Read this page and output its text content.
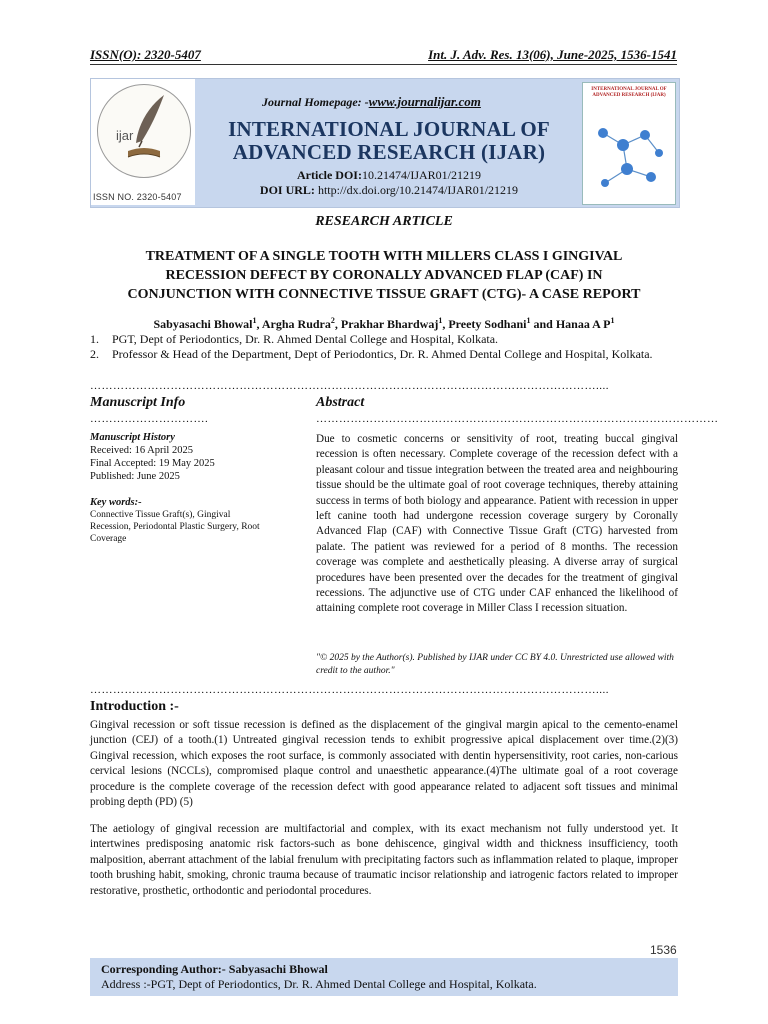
ISSN(O): 2320-5407	Int. J. Adv. Res. 13(06), June-2025, 1536-1541
ijar
ISSN NO. 2320-5407
Journal Homepage: -www.journalijar.com
INTERNATIONAL JOURNAL OF
ADVANCED RESEARCH (IJAR)
Article DOI:10.21474/IJAR01/21219
DOI URL: http://dx.doi.org/10.21474/IJAR01/21219
INTERNATIONAL JOURNAL OF ADVANCED RESEARCH (IJAR)
RESEARCH ARTICLE
TREATMENT OF A SINGLE TOOTH WITH MILLERS CLASS I GINGIVAL
RECESSION DEFECT BY CORONALLY ADVANCED FLAP (CAF) IN
CONJUNCTION WITH CONNECTIVE TISSUE GRAFT (CTG)- A CASE REPORT
Sabyasachi Bhowal$^1$, Argha Rudra$^2$, Prakhar Bhardwaj$^1$, Preety Sodhani$^1$ and Hanaa A $P^1$
1. PGT, Dept of Periodontics, Dr. R. Ahmed Dental College and Hospital, Kolkata.
2. Professor & Head of the Department, Dept of Periodontics, Dr. R. Ahmed Dental College and Hospital, Kolkata.
……………………………………………………………………………………………………………………....
Manuscript Info	Abstract
………………………….	……………………………………………………………………………………………
Manuscript History
Received: 16 April 2025
Final Accepted: 19 May 2025
Published: June 2025
Key words:-
Connective Tissue Graft(s), Gingival Recession, Periodontal Plastic Surgery, Root Coverage
Due to cosmetic concerns or sensitivity of root, treating buccal gingival recession is often necessary. Complete coverage of the recession defect with a pleasant colour and tissue integration between the treated area and neighbouring tissue should be the ultimate goal of root coverage techniques, thereby attaining success in terms of both biology and appearance. Patient with recession in upper left canine tooth had undergone recession coverage surgery by Coronally Advanced Flap (CAF) with Connective Tissue Graft (CTG) harvested from palate. The patient was reviewed for a period of 8 months. The recession coverage was complete and aesthetically pleasing. A diverse array of surgical procedures have been presented over the decades for the treatment of gingival recessions. The adjunctive use of CTG under CAF enhanced the likelihood of attaining complete root coverage in Miller Class I recession situation.
"© 2025 by the Author(s). Published by IJAR under CC BY 4.0. Unrestricted use allowed with credit to the author."
……………………………………………………………………………………………………………………....
Introduction :-
Gingival recession or soft tissue recession is defined as the displacement of the gingival margin apical to the cemento-enamel junction (CEJ) of a tooth.(1) Untreated gingival recession tends to exhibit progressive apical displacement over time.(2)(3) Gingival recession, which exposes the root surface, is commonly associated with dentin hypersensitivity, root caries, non-carious cervical lesions (NCCLs), compromised plaque control and unaesthetic appearance.(4)The ultimate goal of a root coverage procedure is the complete coverage of the recession defect with good appearance related to adjacent soft tissues and minimal probing depth (PD) (5)
The aetiology of gingival recession are multifactorial and complex, with its exact mechanism not fully understood yet. It intertwines predisposing anatomic risk factors-such as bone dehiscence, gingival width and thickness insufficiency, tooth malposition, aberrant attachment of the labial frenulum with precipitating factors such as inflammation related to plaque, improper tooth brushing habit, smoking, chronic trauma because of traumatic incisor relationship and iatrogenic factors related to improper restorative, prosthetic, orthodontic and periodontal procedures.
1536
Corresponding Author:- Sabyasachi Bhowal
Address :-PGT, Dept of Periodontics, Dr. R. Ahmed Dental College and Hospital, Kolkata.
